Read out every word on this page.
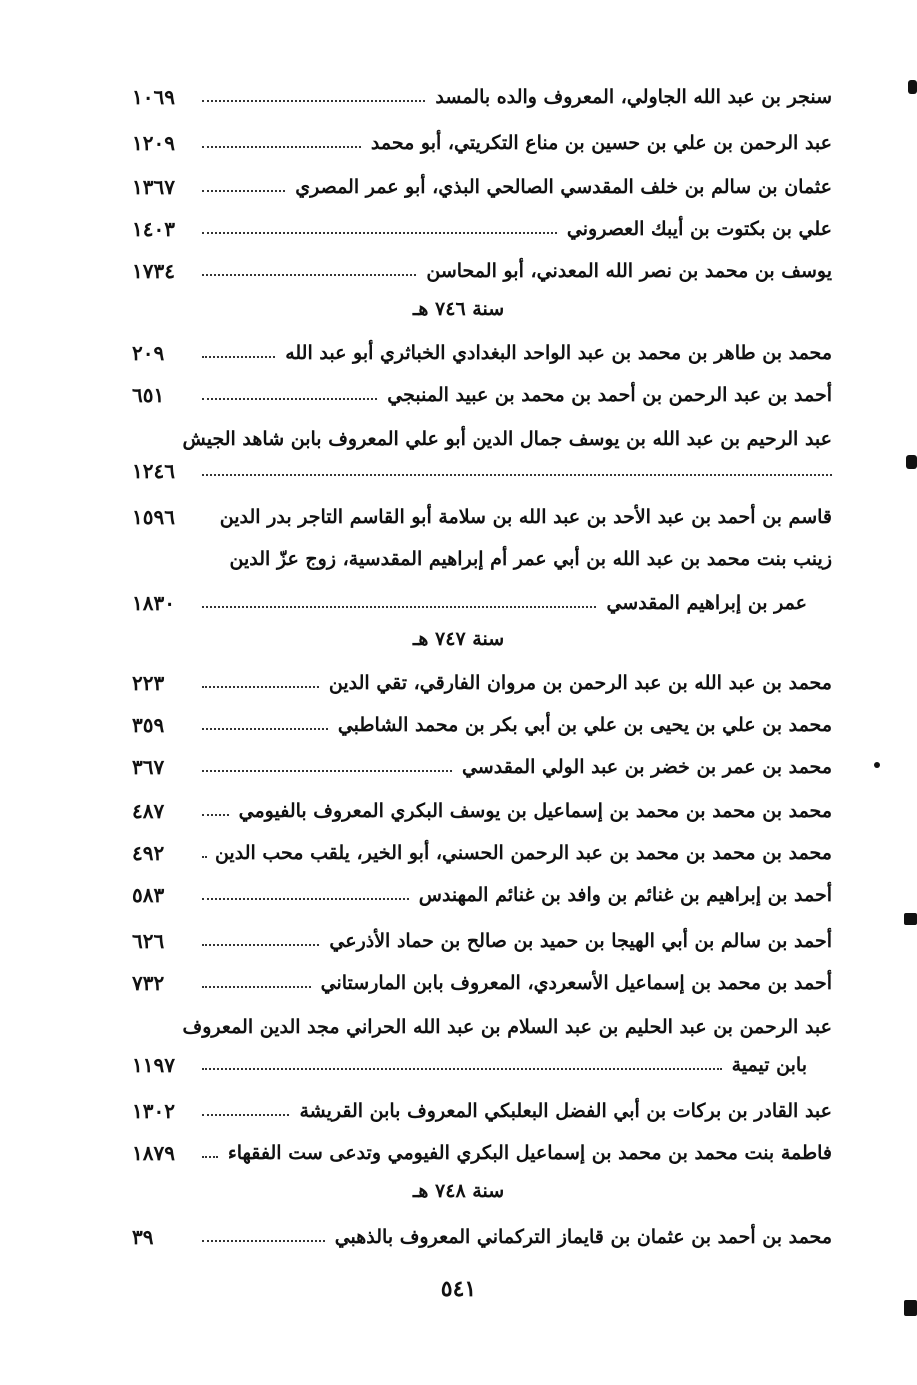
سنجر بن عبد الله الجاولي، المعروف والده بالمسد
١٠٦٩
عبد الرحمن بن علي بن حسين بن مناع التكريتي، أبو محمد
١٢٠٩
عثمان بن سالم بن خلف المقدسي الصالحي البذي، أبو عمر المصري
١٣٦٧
علي بن بكتوت بن أيبك العصروني
١٤٠٣
يوسف بن محمد بن نصر الله المعدني، أبو المحاسن
١٧٣٤
سنة ٧٤٦ هـ
محمد بن طاهر بن محمد بن عبد الواحد البغدادي الخباثري أبو عبد الله
٢٠٩
أحمد بن عبد الرحمن بن أحمد بن محمد بن عبيد المنبجي
٦٥١
عبد الرحيم بن عبد الله بن يوسف جمال الدين أبو علي المعروف بابن شاهد الجيش
١٢٤٦
قاسم بن أحمد بن عبد الأحد بن عبد الله بن سلامة أبو القاسم التاجر بدر الدين
١٥٩٦
زينب بنت محمد بن عبد الله بن أبي عمر أم إبراهيم المقدسية، زوج عزّ الدين
عمر بن إبراهيم المقدسي
١٨٣٠
سنة ٧٤٧ هـ
محمد بن عبد الله بن عبد الرحمن بن مروان الفارقي، تقي الدين
٢٢٣
محمد بن علي بن يحيى بن علي بن أبي بكر بن محمد الشاطبي
٣٥٩
محمد بن عمر بن خضر بن عبد الولي المقدسي
٣٦٧
محمد بن محمد بن محمد بن إسماعيل بن يوسف البكري المعروف بالفيومي
٤٨٧
محمد بن محمد بن محمد بن عبد الرحمن الحسني، أبو الخير، يلقب محب الدين
٤٩٢
أحمد بن إبراهيم بن غنائم بن وافد بن غنائم المهندس
٥٨٣
أحمد بن سالم بن أبي الهيجا بن حميد بن صالح بن حماد الأذرعي
٦٢٦
أحمد بن محمد بن إسماعيل الأسعردي، المعروف بابن المارستاني
٧٣٢
عبد الرحمن بن عبد الحليم بن عبد السلام بن عبد الله الحراني مجد الدين المعروف
بابن تيمية
١١٩٧
عبد القادر بن بركات بن أبي الفضل البعلبكي المعروف بابن القريشة
١٣٠٢
فاطمة بنت محمد بن محمد بن إسماعيل البكري الفيومي وتدعى ست الفقهاء
١٨٧٩
سنة ٧٤٨ هـ
محمد بن أحمد بن عثمان بن قايماز التركماني المعروف بالذهبي
٣٩
٥٤١
